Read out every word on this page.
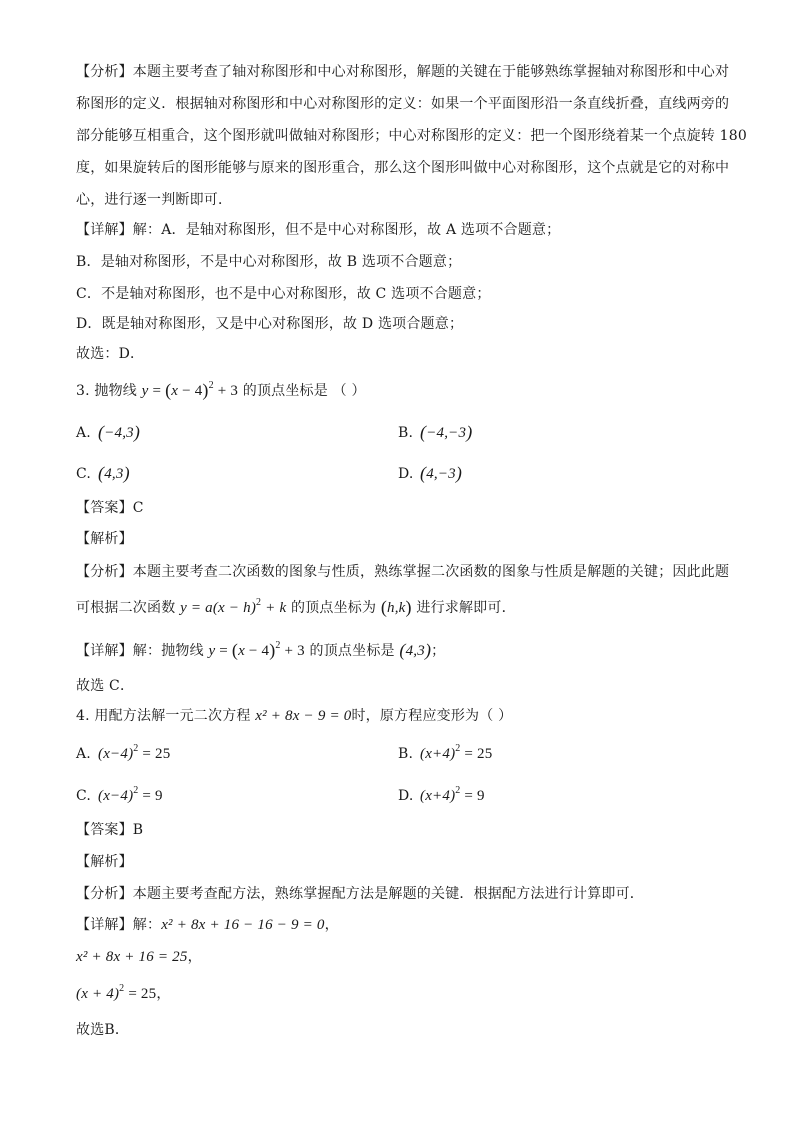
【分析】本题主要考查了轴对称图形和中心对称图形，解题的关键在于能够熟练掌握轴对称图形和中心对
称图形的定义．根据轴对称图形和中心对称图形的定义：如果一个平面图形沿一条直线折叠，直线两旁的
部分能够互相重合，这个图形就叫做轴对称图形；中心对称图形的定义：把一个图形绕着某一个点旋转 180
度，如果旋转后的图形能够与原来的图形重合，那么这个图形叫做中心对称图形，这个点就是它的对称中
心，进行逐一判断即可．
【详解】解：A．是轴对称图形，但不是中心对称图形，故 A 选项不合题意；
B．是轴对称图形，不是中心对称图形，故 B 选项不合题意；
C．不是轴对称图形，也不是中心对称图形，故 C 选项不合题意；
D．既是轴对称图形，又是中心对称图形，故 D 选项合题意；
故选：D．
3. 抛物线 $y = (x - 4)^2 + 3$ 的顶点坐标是 （ ）
A. (−4,3)	B. (−4,−3)
C. (4,3)	D. (4,−3)
【答案】C
【解析】
【分析】本题主要考查二次函数的图象与性质，熟练掌握二次函数的图象与性质是解题的关键；因此此题
可根据二次函数 $y = a(x - h)^2 + k$ 的顶点坐标为 (h,k) 进行求解即可．
【详解】解：抛物线 $y = (x - 4)^2 + 3$ 的顶点坐标是 (4,3)；
故选 C．
4. 用配方法解一元二次方程 x² + 8x − 9 = 0时，原方程应变形为（ ）
A. $(x-4)^2 = 25$	B. $(x+4)^2 = 25$
C. $(x-4)^2 = 9$	D. $(x+4)^2 = 9$
【答案】B
【解析】
【分析】本题主要考查配方法，熟练掌握配方法是解题的关键．根据配方法进行计算即可．
【详解】解：x² + 8x + 16 − 16 − 9 = 0，
x² + 8x + 16 = 25，
$(x + 4)^2 = 25$，
故选B．
